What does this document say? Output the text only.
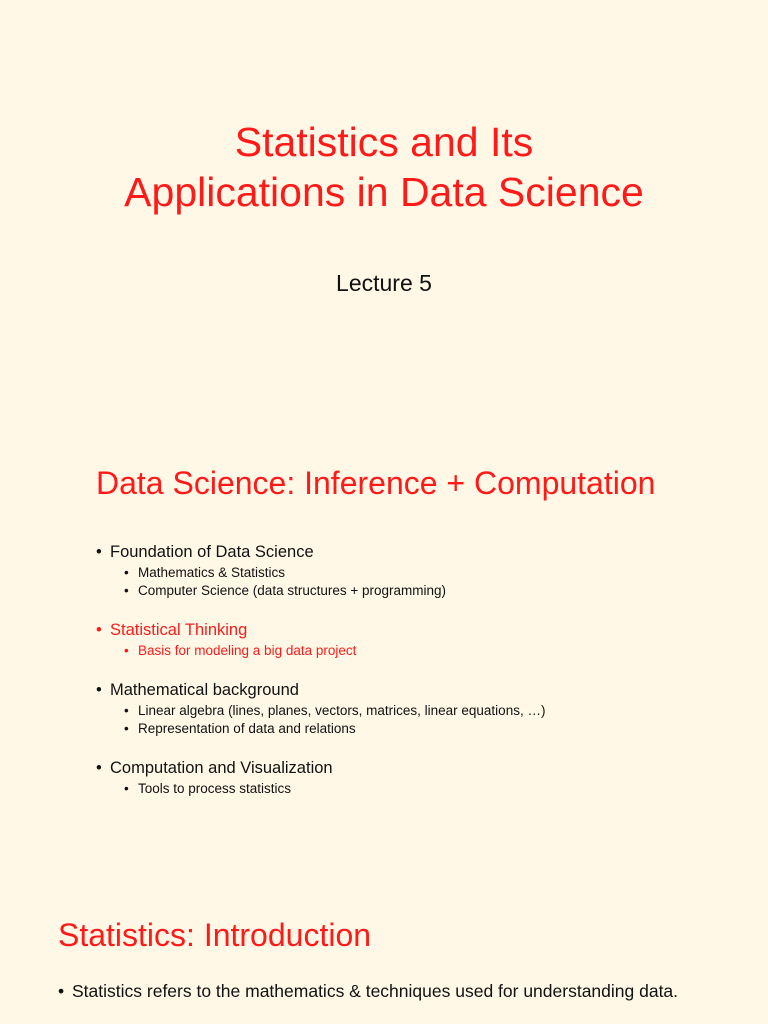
Statistics and Its
Applications in Data Science
Lecture 5
Data Science: Inference + Computation
• Foundation of Data Science
• Mathematics & Statistics
• Computer Science (data structures + programming)
• Statistical Thinking
• Basis for modeling a big data project
• Mathematical background
• Linear algebra (lines, planes, vectors, matrices, linear equations, …)
• Representation of data and relations
• Computation and Visualization
• Tools to process statistics
Statistics: Introduction
• Statistics refers to the mathematics & techniques used for understanding data.
